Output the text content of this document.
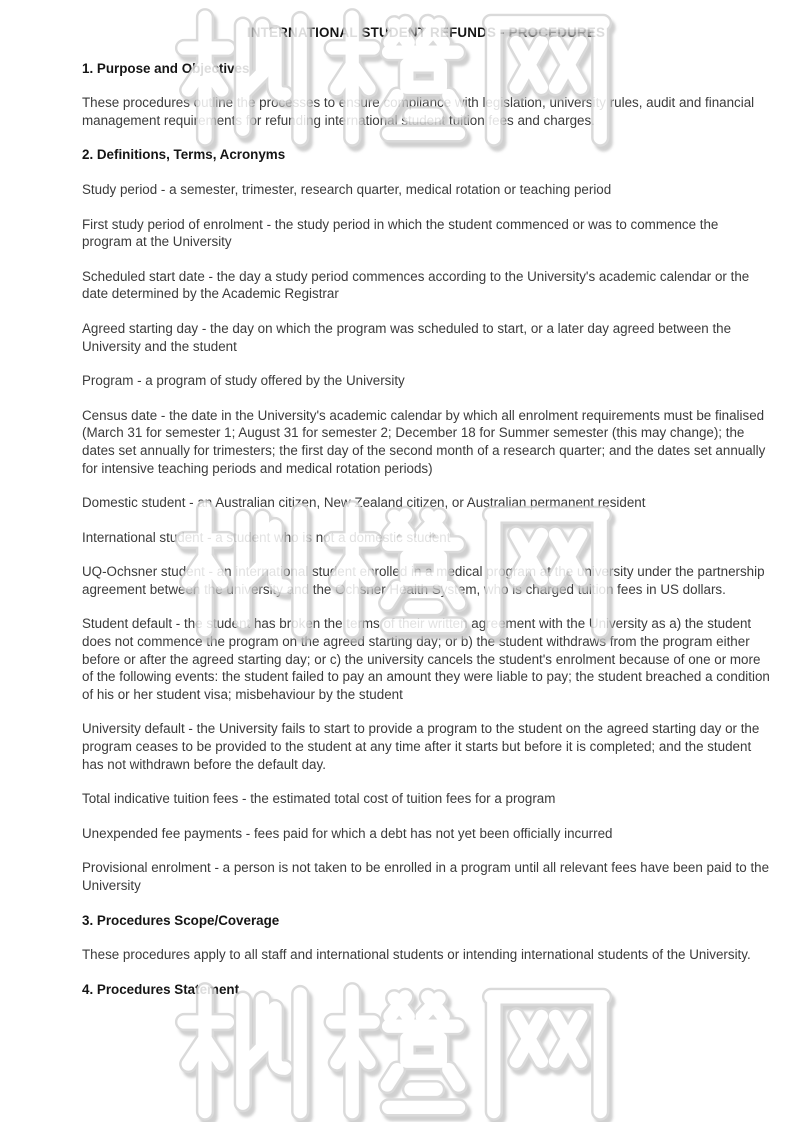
INTERNATIONAL STUDENT REFUNDS - PROCEDURES
1. Purpose and Objectives
These procedures outline the processes to ensure compliance with legislation, university rules, audit and financial management requirements for refunding international student tuition fees and charges.
2. Definitions, Terms, Acronyms
Study period - a semester, trimester, research quarter, medical rotation or teaching period
First study period of enrolment - the study period in which the student commenced or was to commence the program at the University
Scheduled start date - the day a study period commences according to the University's academic calendar or the date determined by the Academic Registrar
Agreed starting day - the day on which the program was scheduled to start, or a later day agreed between the University and the student
Program - a program of study offered by the University
Census date - the date in the University's academic calendar by which all enrolment requirements must be finalised (March 31 for semester 1; August 31 for semester 2; December 18 for Summer semester (this may change); the dates set annually for trimesters; the first day of the second month of a research quarter; and the dates set annually for intensive teaching periods and medical rotation periods)
Domestic student - an Australian citizen, New Zealand citizen, or Australian permanent resident
International student - a student who is not a domestic student
UQ-Ochsner student - an international student enrolled in a medical program at the university under the partnership agreement between the university and the Ochsner Health System, who is charged tuition fees in US dollars.
Student default - the student has broken the terms of their written agreement with the University as a) the student does not commence the program on the agreed starting day; or b) the student withdraws from the program either before or after the agreed starting day; or c) the university cancels the student's enrolment because of one or more of the following events: the student failed to pay an amount they were liable to pay; the student breached a condition of his or her student visa; misbehaviour by the student
University default - the University fails to start to provide a program to the student on the agreed starting day or the program ceases to be provided to the student at any time after it starts but before it is completed; and the student has not withdrawn before the default day.
Total indicative tuition fees - the estimated total cost of tuition fees for a program
Unexpended fee payments - fees paid for which a debt has not yet been officially incurred
Provisional enrolment - a person is not taken to be enrolled in a program until all relevant fees have been paid to the University
3. Procedures Scope/Coverage
These procedures apply to all staff and international students or intending international students of the University.
4. Procedures Statement
